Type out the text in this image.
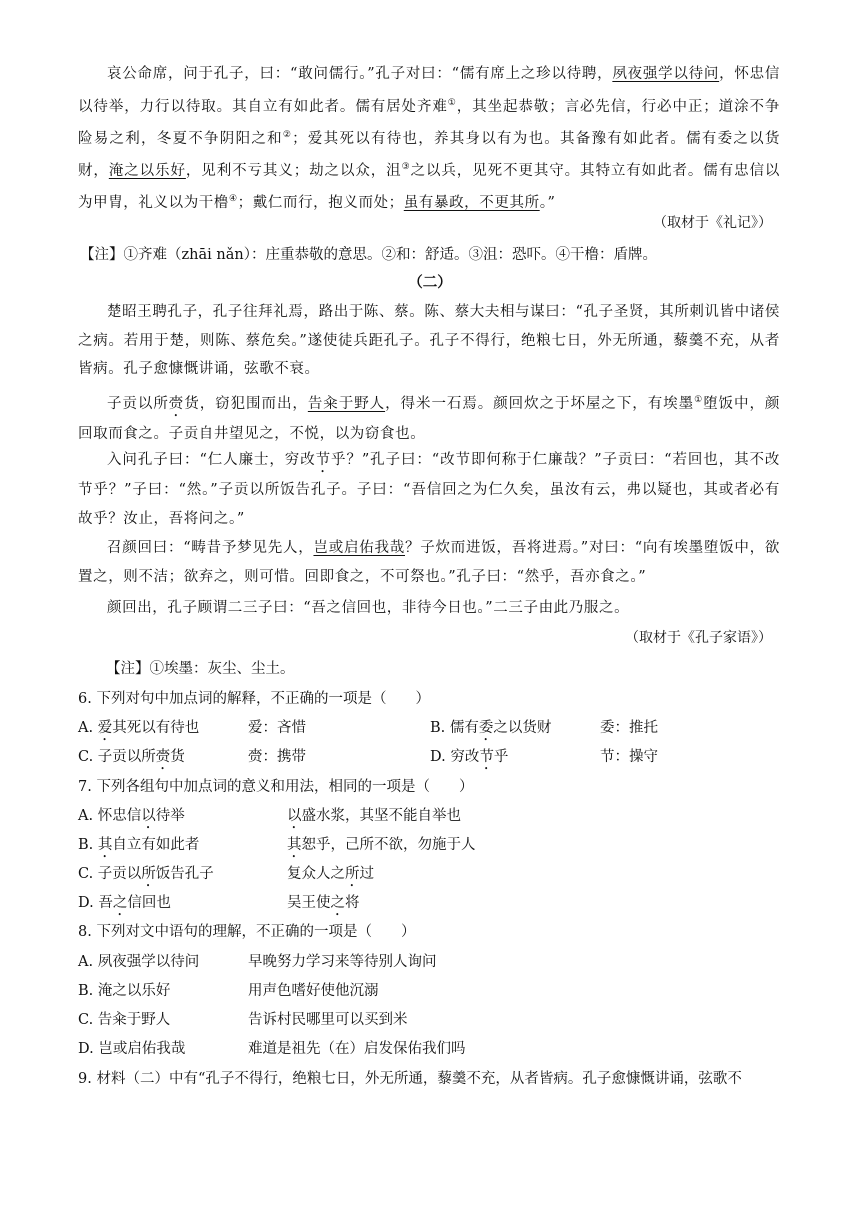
哀公命席，问于孔子，曰：“敢问儒行。”孔子对曰：“儒有席上之珍以待聘，夙夜强学以待问，怀忠信以待举，力行以待取。其自立有如此者。儒有居处齐难①，其坐起恭敬；言必先信，行必中正；道涂不争险易之利，冬夏不争阴阳之和②；爱其死以有待也，养其身以有为也。其备豫有如此者。儒有委之以货财，淹之以乐好，见利不亏其义；劫之以众，沮③之以兵，见死不更其守。其特立有如此者。儒有忠信以为甲胄，礼义以为干橹④；戴仁而行，抱义而处；虽有暴政，不更其所。”

（取材于《礼记》）
【注】①齐难（zhāi nǎn）：庄重恭敬的意思。②和：舒适。③沮：恐吓。④干橹：盾牌。
（二）

楚昭王聘孔子，孔子往拜礼焉，路出于陈、蔡。陈、蔡大夫相与谋曰：“孔子圣贤，其所刺讥皆中诸侯之病。若用于楚，则陈、蔡危矣。”遂使徒兵距孔子。孔子不得行，绝粮七日，外无所通，藜羹不充，从者皆病。孔子愈慷慨讲诵，弦歌不衰。

子贡以所赍货，窃犯围而出，告籴于野人，得米一石焉。颜回炊之于坏屋之下，有埃墨①堕饭中，颜回取而食之。子贡自井望见之，不悦，以为窃食也。

入问孔子曰：“仁人廉士，穷改节乎？”孔子曰：“改节即何称于仁廉哉？”子贡曰：“若回也，其不改节乎？”子曰：“然。”子贡以所饭告孔子。子曰：“吾信回之为仁久矣，虽汝有云，弗以疑也，其或者必有故乎？汝止，吾将问之。”

召颜回曰：“畴昔予梦见先人，岂或启佑我哉？子炊而进饭，吾将进焉。”对曰：“向有埃墨堕饭中，欲置之，则不洁；欲弃之，则可惜。回即食之，不可祭也。”孔子曰：“然乎，吾亦食之。”

颜回出，孔子顾谓二三子曰：“吾之信回也，非待今日也。”二三子由此乃服之。

（取材于《孔子家语》）
【注】①埃墨：灰尘、尘土。
6. 下列对句中加点词的解释，不正确的一项是（　　）
A. 爱其死以有待也	爱：吝惜	B. 儒有委之以货财	委：推托
C. 子贡以所赍货	赍：携带	D. 穷改节乎	节：操守
7. 下列各组句中加点词的意义和用法，相同的一项是（　　）
A. 怀忠信以待举	以盛水浆，其坚不能自举也
B. 其自立有如此者	其恕乎，己所不欲，勿施于人
C. 子贡以所饭告孔子	复众人之所过
D. 吾之信回也	吴王使之将
8. 下列对文中语句的理解，不正确的一项是（　　）
A. 夙夜强学以待问	早晚努力学习来等待别人询问
B. 淹之以乐好	用声色嗜好使他沉溺
C. 告籴于野人	告诉村民哪里可以买到米
D. 岂或启佑我哉	难道是祖先（在）启发保佑我们吗
9. 材料（二）中有“孔子不得行，绝粮七日，外无所通，藜羹不充，从者皆病。孔子愈慷慨讲诵，弦歌不
